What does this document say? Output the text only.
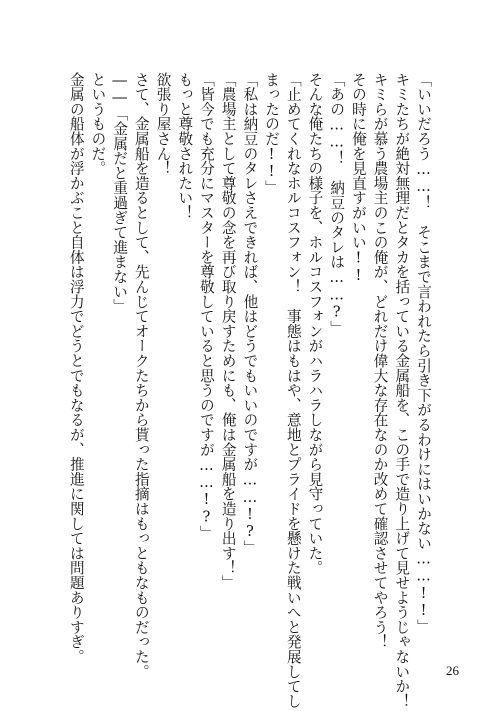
「いいだろう……！　そこまで言われたら引き下がるわけにはいかない……!!」
キミたちが絶対無理だとタカを括っている金属船を、この手で造り上げて見せようじゃないか！
キミらが慕う農場主のこの俺が、どれだけ偉大な存在なのか改めて確認させてやろう！
その時に俺を見直すがいい!!
「あの……！　納豆のタレは……?」
そんな俺たちの様子を、ホルコスフォンがハラハラしながら見守っていた。
「止めてくれなホルコスフォン！　事態はもはや、意地とプライドを懸けた戦いへと発展してし
まったのだ!!」
「私は納豆のタレさえできれば、他はどうでもいいのですが……!?」
「農場主として尊敬の念を再び取り戻すためにも、俺は金属船を造り出す！」
「皆今でも充分にマスターを尊敬していると思うのですが……!?」
もっと尊敬されたい！
欲張り屋さん！
さて、金属船を造るとして、先んじてオークたちから貰った指摘はもっともなものだった。
――「金属だと重過ぎて進まない」
というものだ。
金属の船体が浮かぶこと自体は浮力でどうとでもなるが、推進に関しては問題ありすぎ。
26
